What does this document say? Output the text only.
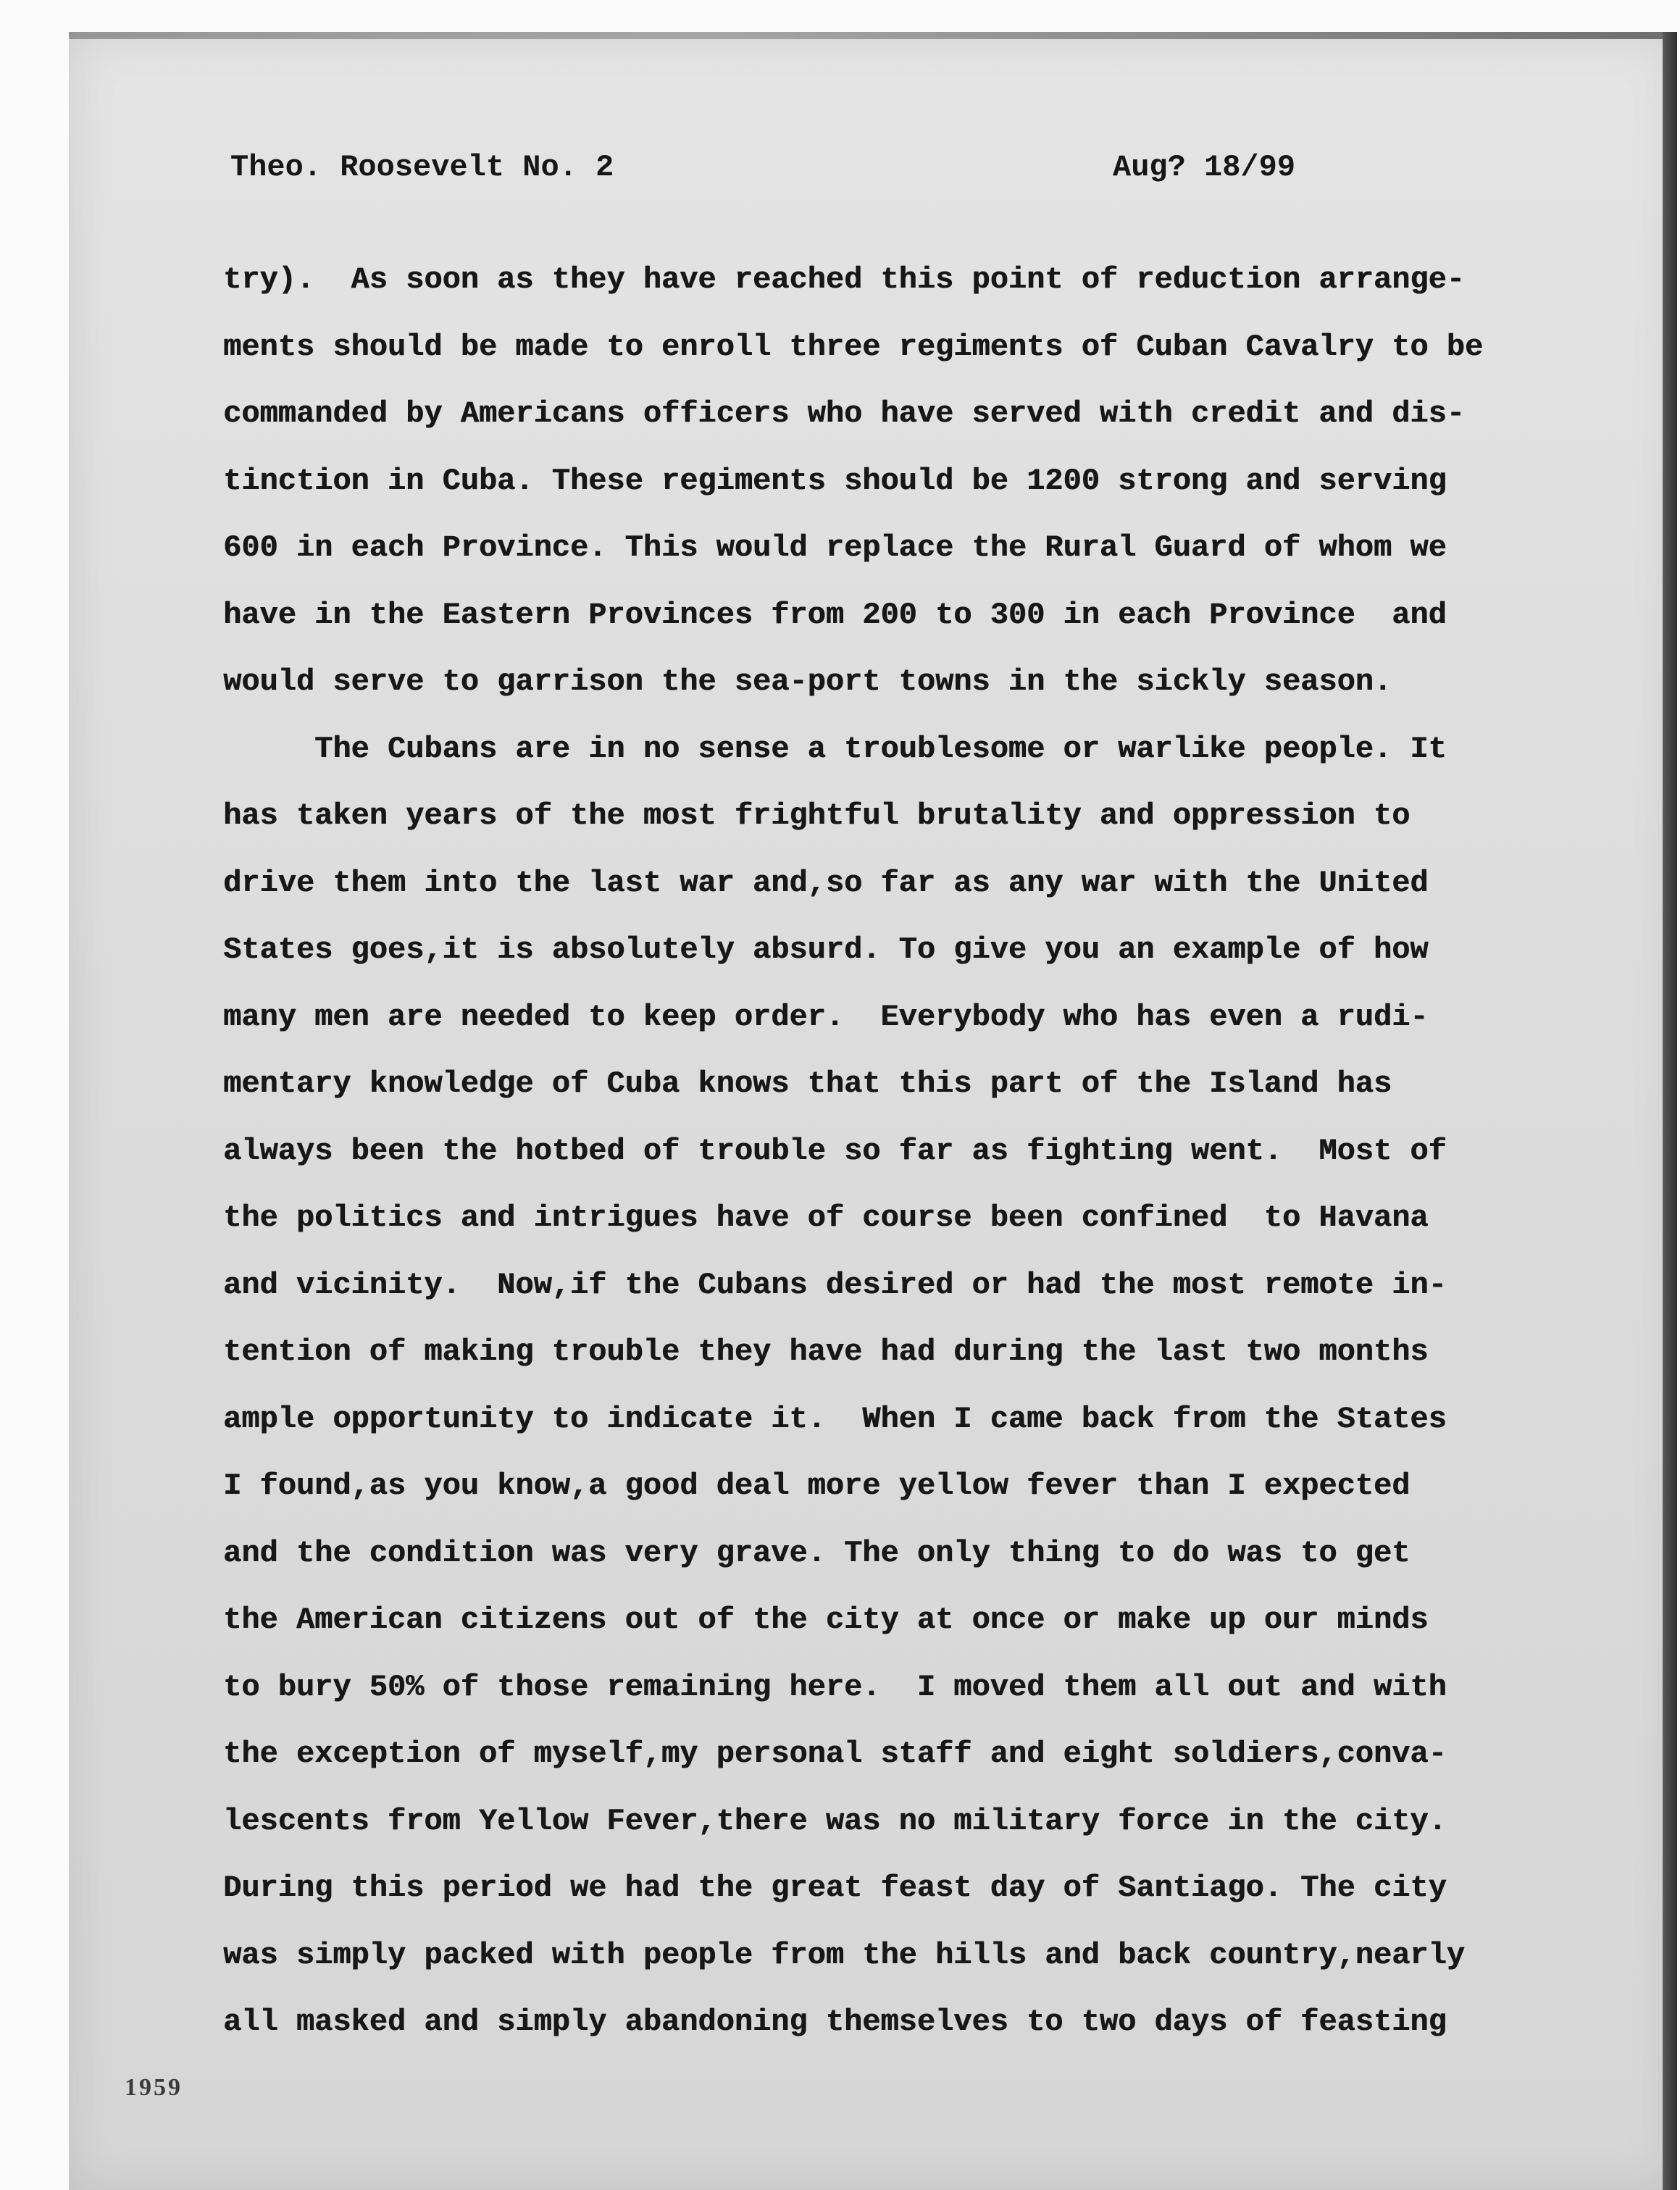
Theo. Roosevelt No. 2	Aug? 18/99
try).  As soon as they have reached this point of reduction arrange-
ments should be made to enroll three regiments of Cuban Cavalry to be
commanded by Americans officers who have served with credit and dis-
tinction in Cuba. These regiments should be 1200 strong and serving
600 in each Province. This would replace the Rural Guard of whom we
have in the Eastern Provinces from 200 to 300 in each Province  and
would serve to garrison the sea-port towns in the sickly season.
The Cubans are in no sense a troublesome or warlike people. It
has taken years of the most frightful brutality and oppression to
drive them into the last war and,so far as any war with the United
States goes,it is absolutely absurd. To give you an example of how
many men are needed to keep order.  Everybody who has even a rudi-
mentary knowledge of Cuba knows that this part of the Island has
always been the hotbed of trouble so far as fighting went.  Most of
the politics and intrigues have of course been confined  to Havana
and vicinity.  Now,if the Cubans desired or had the most remote in-
tention of making trouble they have had during the last two months
ample opportunity to indicate it.  When I came back from the States
I found,as you know,a good deal more yellow fever than I expected
and the condition was very grave. The only thing to do was to get
the American citizens out of the city at once or make up our minds
to bury 50% of those remaining here.  I moved them all out and with
the exception of myself,my personal staff and eight soldiers,conva-
lescents from Yellow Fever,there was no military force in the city.
During this period we had the great feast day of Santiago. The city
was simply packed with people from the hills and back country,nearly
all masked and simply abandoning themselves to two days of feasting
1959
